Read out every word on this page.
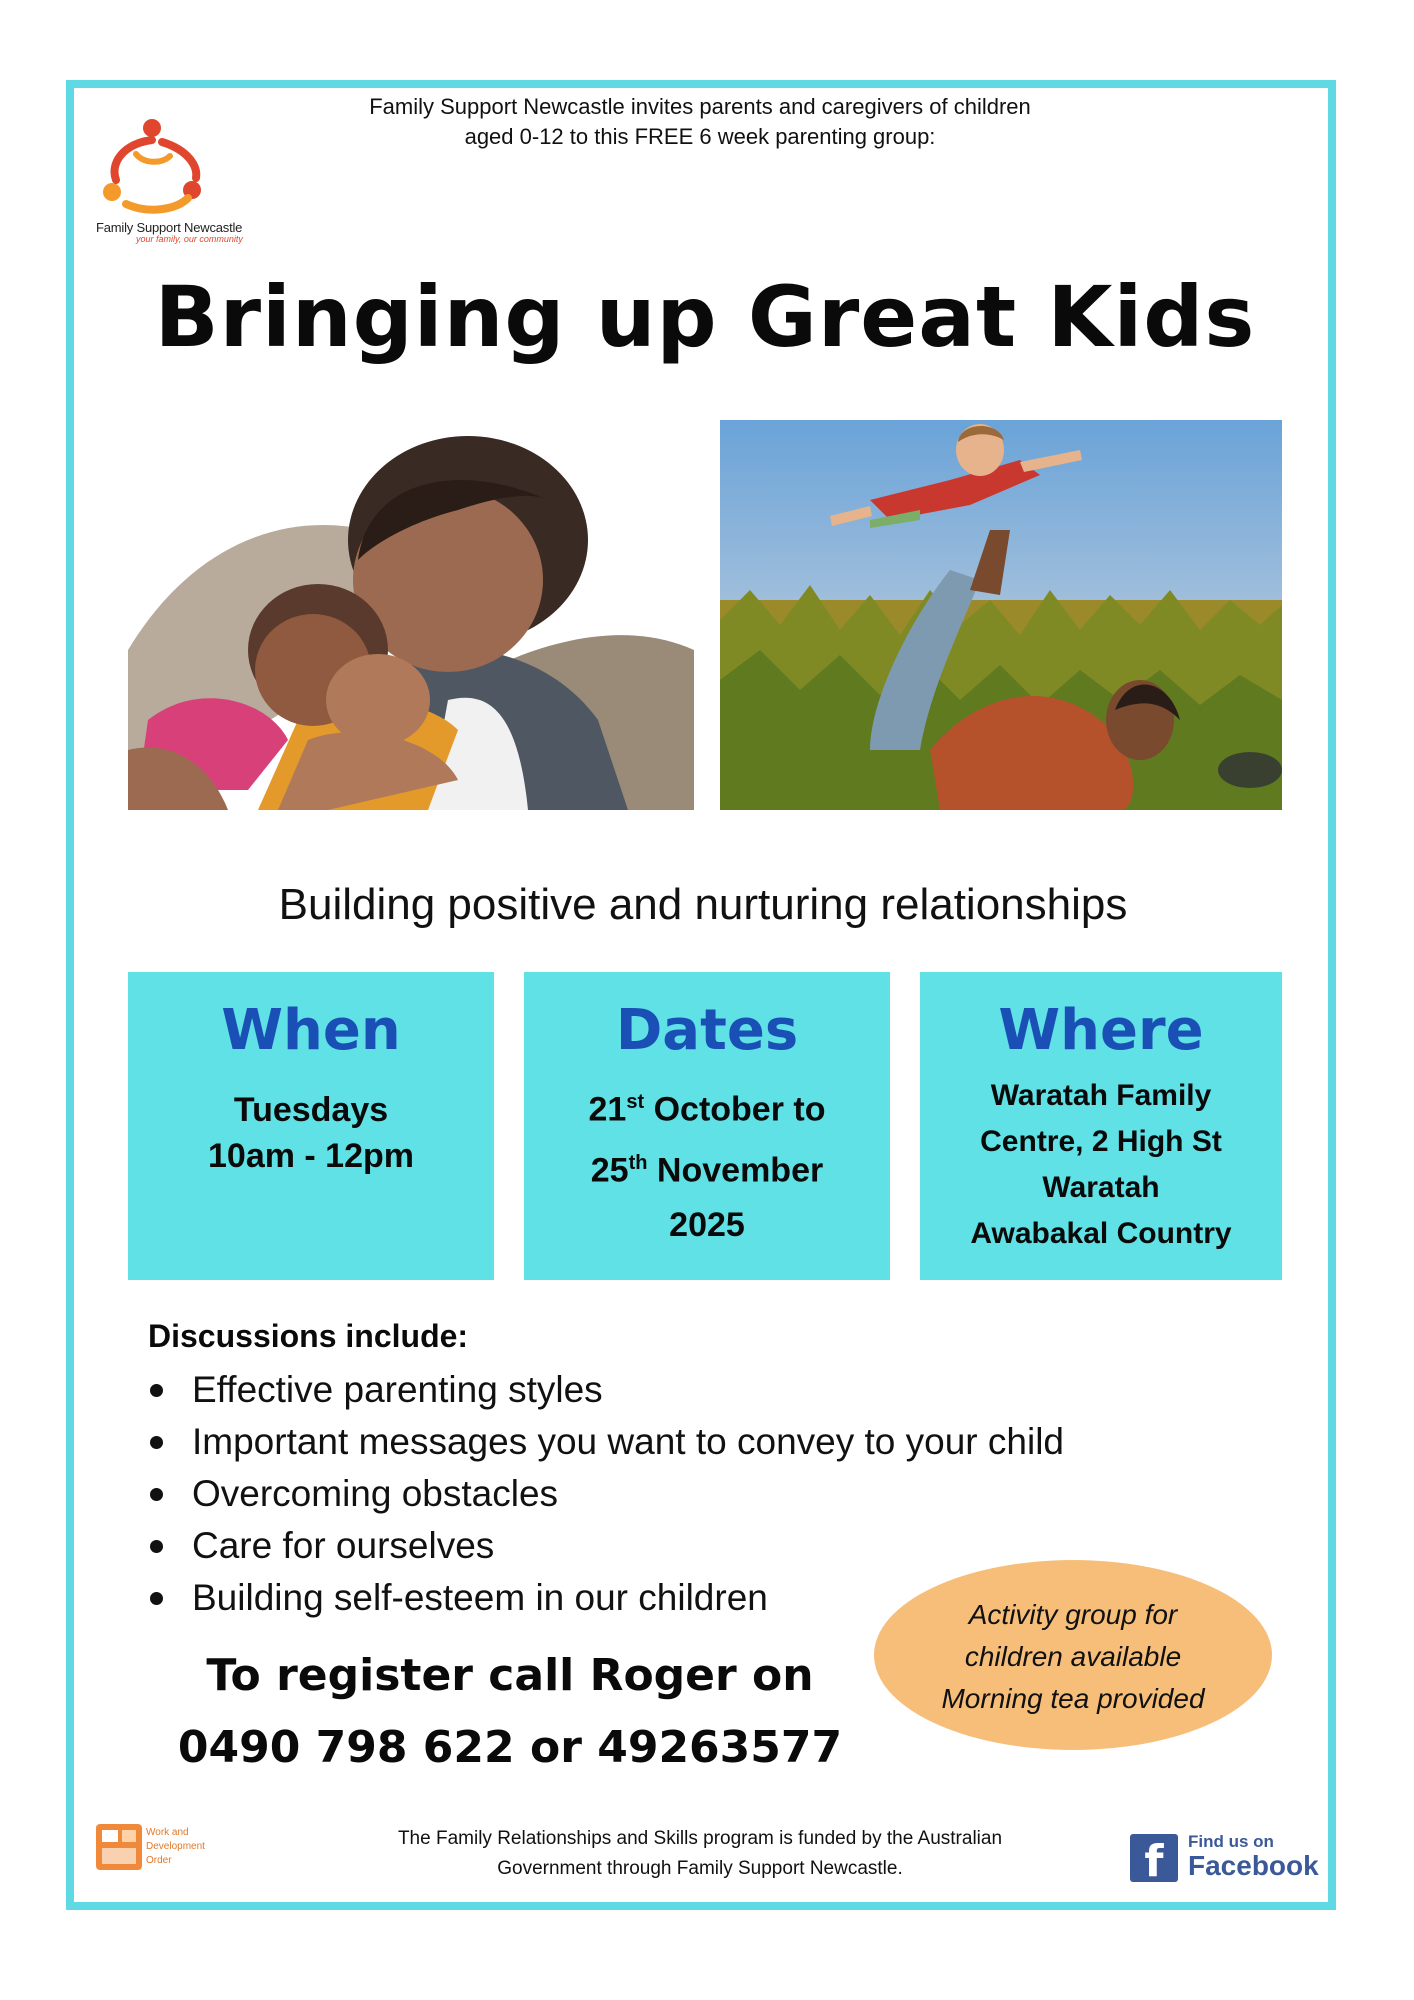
Family Support Newcastle invites parents and caregivers of children
aged 0-12 to this FREE 6 week parenting group:
Family Support Newcastle
your family, our community
Bringing up Great Kids
Building positive and nurturing relationships
When
Tuesdays
10am - 12pm
Dates
21st October to
25th November
2025
Where
Waratah Family
Centre, 2 High St
Waratah
Awabakal Country
Discussions include:
Effective parenting styles
Important messages you want to convey to your child
Overcoming obstacles
Care for ourselves
Building self-esteem in our children
To register call Roger on
0490 798 622 or 49263577
Activity group for
children available
Morning tea provided
Work and
Development
Order
The Family Relationships and Skills program is funded by the Australian
Government through Family Support Newcastle.	f	Find us on
Facebook
